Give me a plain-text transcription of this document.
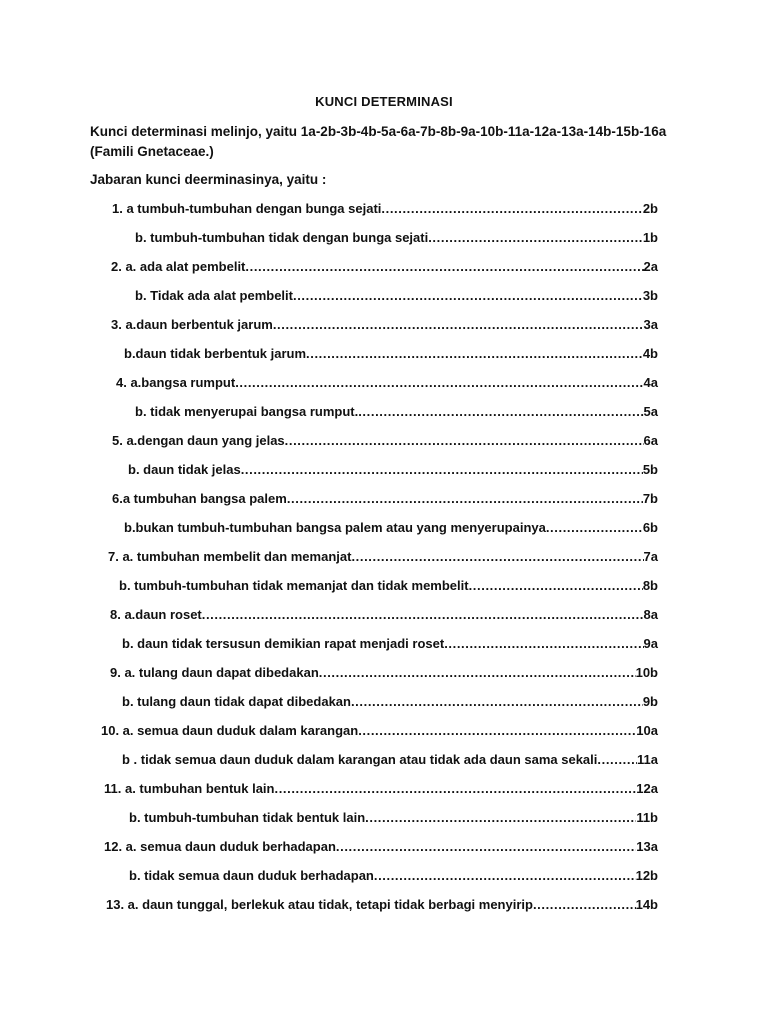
KUNCI DETERMINASI
Kunci determinasi melinjo, yaitu 1a-2b-3b-4b-5a-6a-7b-8b-9a-10b-11a-12a-13a-14b-15b-16a (Famili Gnetaceae.)
Jabaran kunci deerminasinya, yaitu :
1. a tumbuh-tumbuhan dengan bunga sejati .....	2b
b. tumbuh-tumbuhan tidak dengan bunga sejati .....	1b
2. a. ada alat pembelit .....	2a
b. Tidak ada alat pembelit .....	3b
3. a.daun berbentuk jarum .....	3a
b.daun tidak berbentuk jarum .....	4b
4. a.bangsa rumput .....	4a
b. tidak menyerupai bangsa rumput. .....	5a
5. a.dengan daun yang jelas .....	6a
b. daun tidak jelas .....	5b
6.a tumbuhan bangsa palem .....	7b
b.bukan tumbuh-tumbuhan bangsa palem atau yang menyerupainya .....	6b
7. a. tumbuhan membelit dan memanjat .....	7a
b. tumbuh-tumbuhan tidak memanjat dan tidak membelit .....	8b
8. a.daun roset .....	8a
b. daun tidak tersusun demikian rapat menjadi roset .....	9a
9. a. tulang daun dapat dibedakan .....	10b
b. tulang daun tidak dapat dibedakan .....	9b
10. a. semua daun duduk dalam karangan .....	10a
b . tidak semua daun duduk dalam karangan atau tidak ada daun sama sekali .....	11a
11. a. tumbuhan bentuk lain .....	12a
b. tumbuh-tumbuhan tidak bentuk lain .....	11b
12. a. semua daun duduk berhadapan .....	13a
b. tidak semua daun duduk berhadapan .....	12b
13. a. daun tunggal, berlekuk atau tidak, tetapi tidak berbagi menyirip .....	14b
